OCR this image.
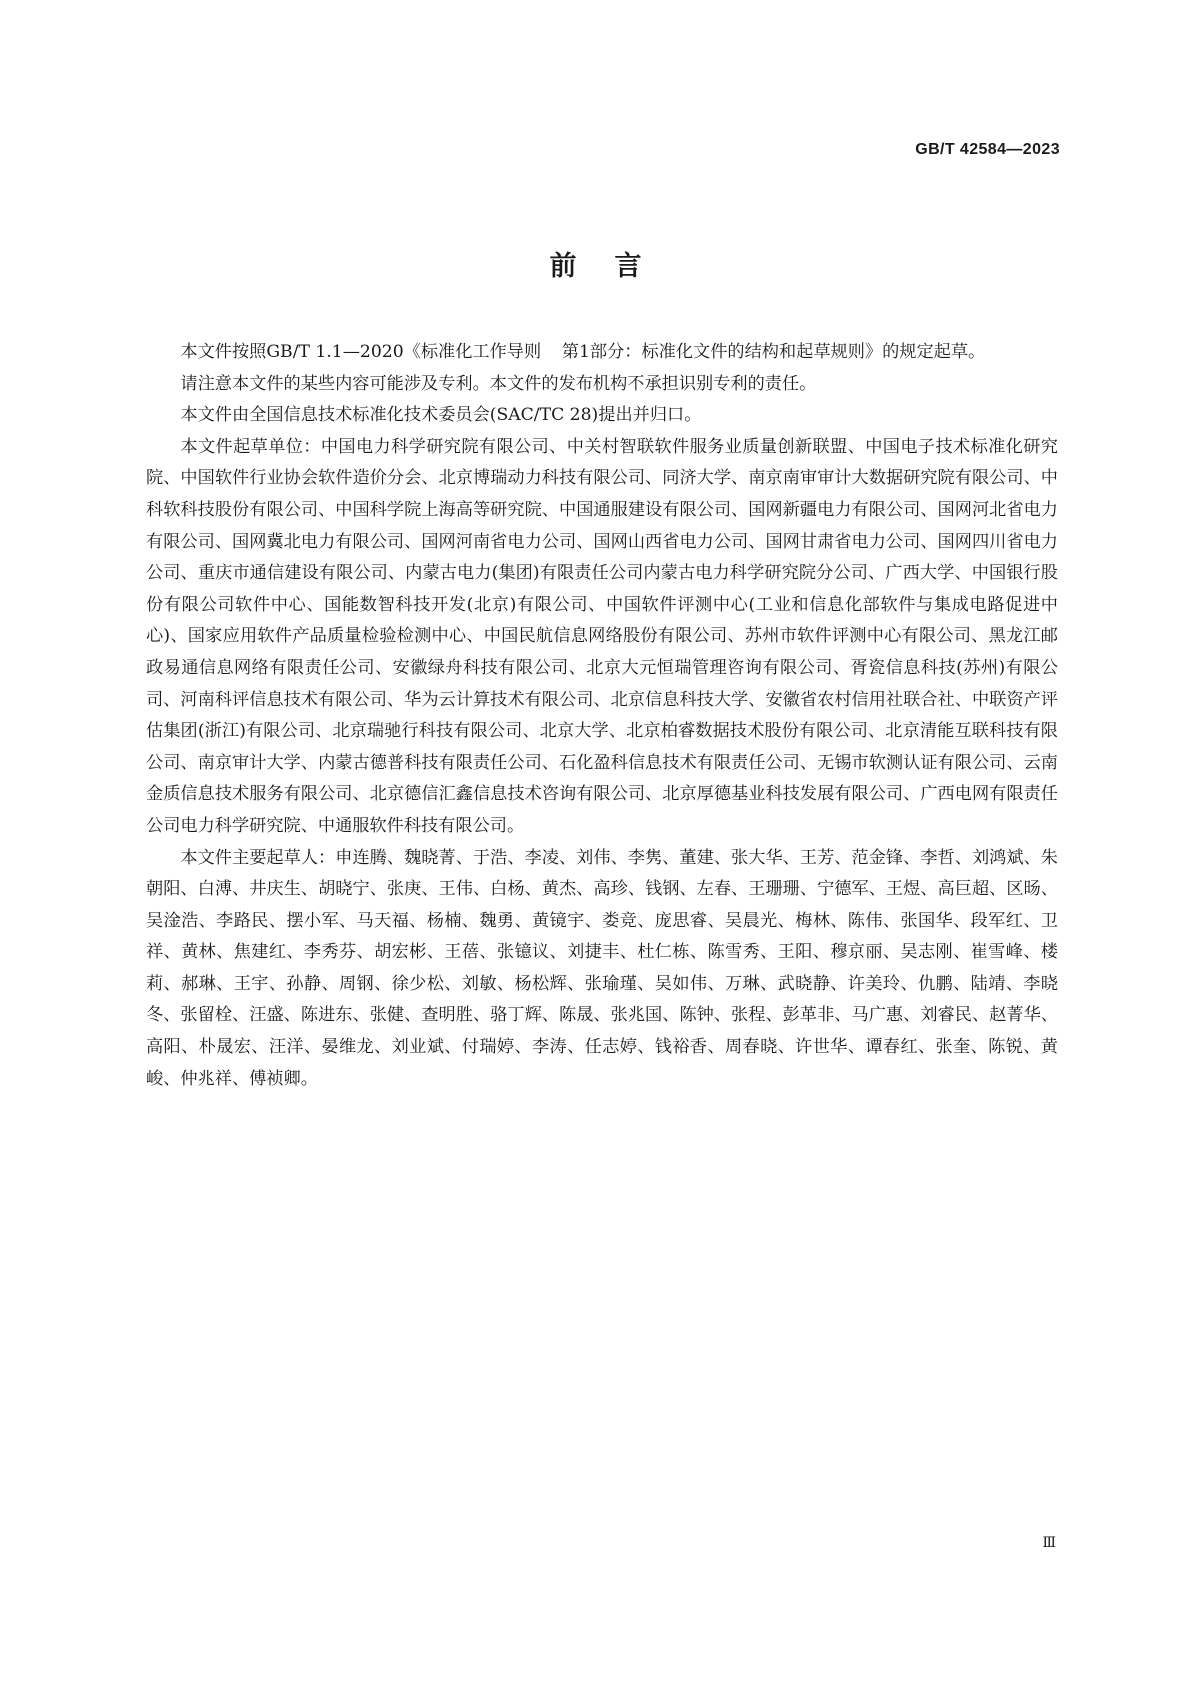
GB/T 42584—2023
前言

本文件按照GB/T 1.1—2020《标准化工作导则 第1部分：标准化文件的结构和起草规则》的规定起草。

请注意本文件的某些内容可能涉及专利。本文件的发布机构不承担识别专利的责任。

本文件由全国信息技术标准化技术委员会(SAC/TC 28)提出并归口。

本文件起草单位：中国电力科学研究院有限公司、中关村智联软件服务业质量创新联盟、中国电子技术标准化研究院、中国软件行业协会软件造价分会、北京博瑞动力科技有限公司、同济大学、南京南审审计大数据研究院有限公司、中科软科技股份有限公司、中国科学院上海高等研究院、中国通服建设有限公司、国网新疆电力有限公司、国网河北省电力有限公司、国网冀北电力有限公司、国网河南省电力公司、国网山西省电力公司、国网甘肃省电力公司、国网四川省电力公司、重庆市通信建设有限公司、内蒙古电力(集团)有限责任公司内蒙古电力科学研究院分公司、广西大学、中国银行股份有限公司软件中心、国能数智科技开发(北京)有限公司、中国软件评测中心(工业和信息化部软件与集成电路促进中心)、国家应用软件产品质量检验检测中心、中国民航信息网络股份有限公司、苏州市软件评测中心有限公司、黑龙江邮政易通信息网络有限责任公司、安徽绿舟科技有限公司、北京大元恒瑞管理咨询有限公司、胥瓷信息科技(苏州)有限公司、河南科评信息技术有限公司、华为云计算技术有限公司、北京信息科技大学、安徽省农村信用社联合社、中联资产评估集团(浙江)有限公司、北京瑞驰行科技有限公司、北京大学、北京柏睿数据技术股份有限公司、北京清能互联科技有限公司、南京审计大学、内蒙古德普科技有限责任公司、石化盈科信息技术有限责任公司、无锡市软测认证有限公司、云南金质信息技术服务有限公司、北京德信汇鑫信息技术咨询有限公司、北京厚德基业科技发展有限公司、广西电网有限责任公司电力科学研究院、中通服软件科技有限公司。

本文件主要起草人：申连腾、魏晓菁、于浩、李凌、刘伟、李隽、董建、张大华、王芳、范金锋、李哲、刘鸿斌、朱朝阳、白溥、井庆生、胡晓宁、张庚、王伟、白杨、黄杰、高珍、钱钢、左春、王珊珊、宁德军、王煜、高巨超、区旸、吴淦浩、李路民、摆小军、马天福、杨楠、魏勇、黄镜宇、娄竞、庞思睿、吴晨光、梅林、陈伟、张国华、段军红、卫祥、黄林、焦建红、李秀芬、胡宏彬、王蓓、张镱议、刘捷丰、杜仁栋、陈雪秀、王阳、穆京丽、吴志刚、崔雪峰、楼莉、郝琳、王宇、孙静、周钢、徐少松、刘敏、杨松辉、张瑜瑾、吴如伟、万琳、武晓静、许美玲、仇鹏、陆靖、李晓冬、张留栓、汪盛、陈进东、张健、查明胜、骆丁辉、陈晟、张兆国、陈钟、张程、彭革非、马广惠、刘睿民、赵菁华、高阳、朴晟宏、汪洋、晏维龙、刘业斌、付瑞婷、李涛、任志婷、钱裕香、周春晓、许世华、谭春红、张奎、陈锐、黄峻、仲兆祥、傅祯卿。

Ⅲ
